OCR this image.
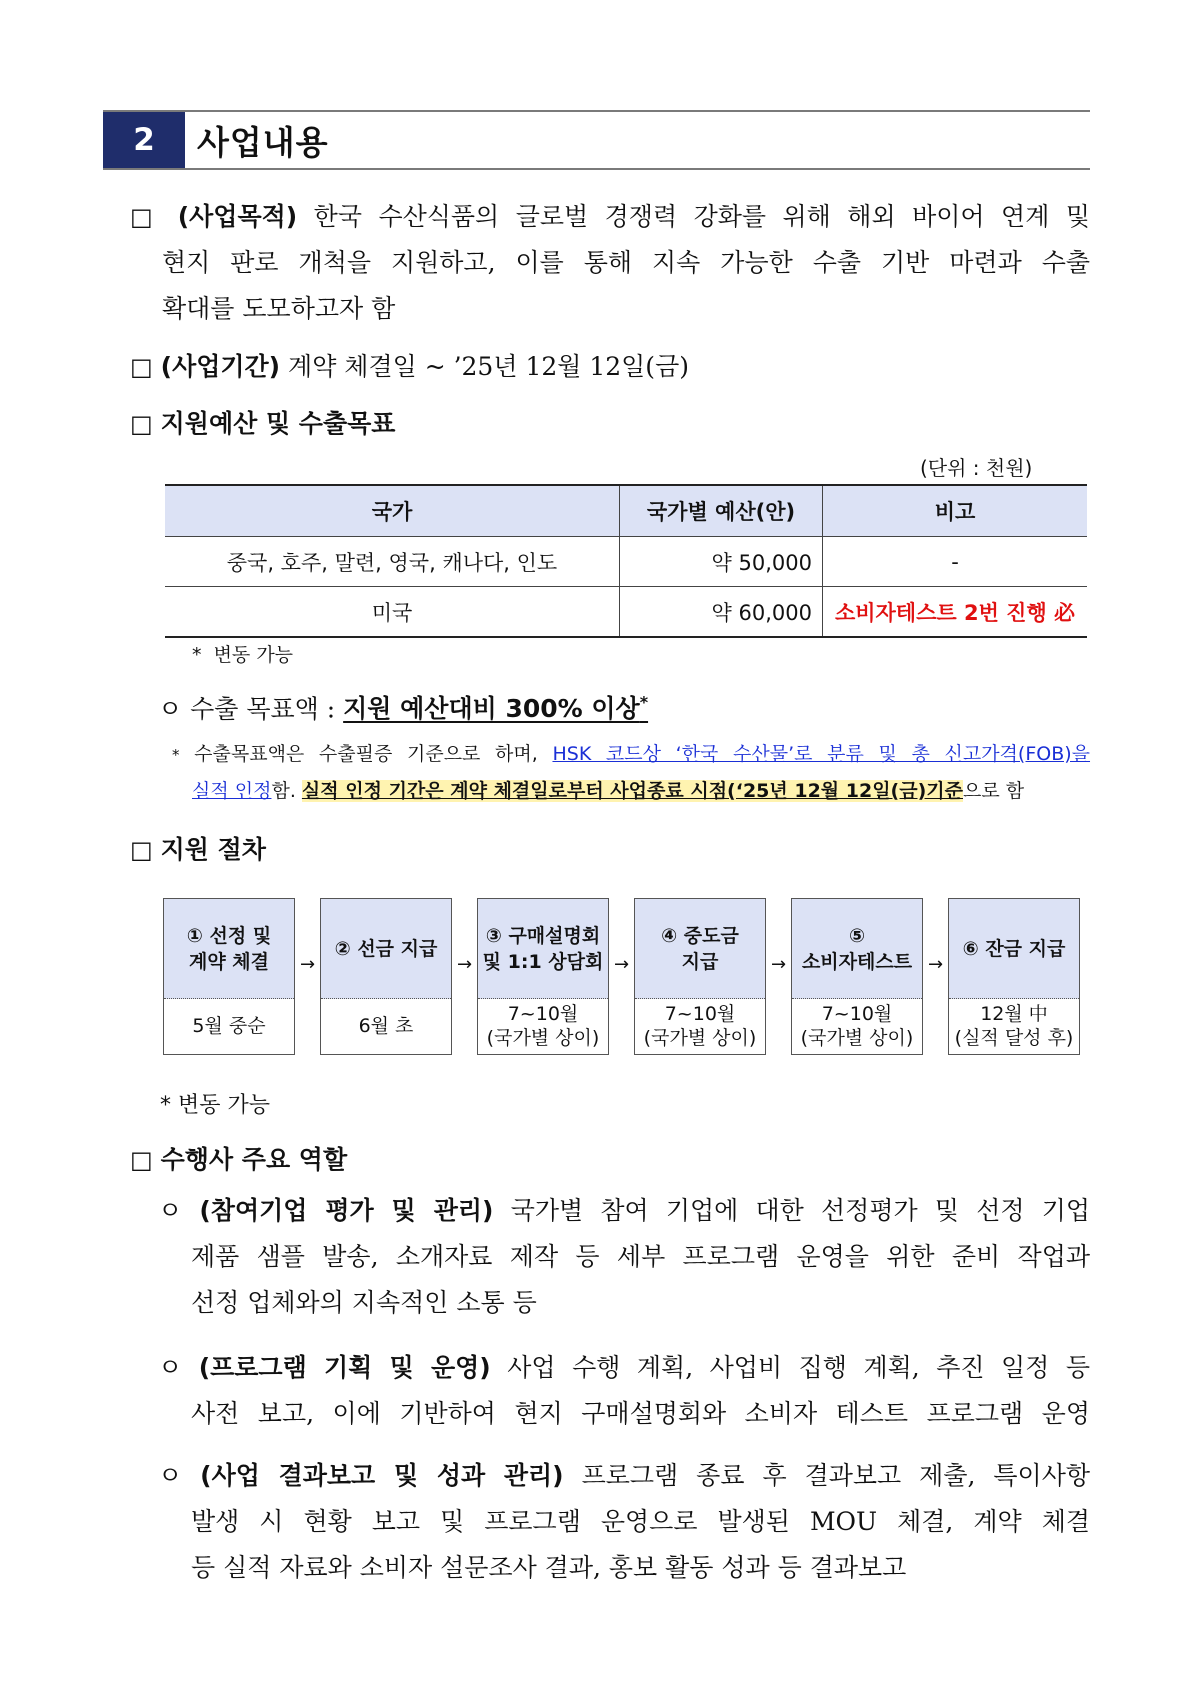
2	사업내용
□ (사업목적) 한국 수산식품의 글로벌 경쟁력 강화를 위해 해외 바이어 연계 및
현지 판로 개척을 지원하고, 이를 통해 지속 가능한 수출 기반 마련과 수출
확대를 도모하고자 함
□ (사업기간) 계약 체결일 ~ ’25년 12월 12일(금)
□ 지원예산 및 수출목표
(단위 : 천원)
국가	국가별 예산(안)	비고
중국, 호주, 말련, 영국, 캐나다, 인도	약 50,000	-
미국	약 60,000	소비자테스트 2번 진행 必
*  변동 가능
ㅇ 수출 목표액 : 지원 예산대비 300% 이상*
* 수출목표액은 수출필증 기준으로 하며, HSK 코드상 ‘한국 수산물’로 분류 및 총 신고가격(FOB)을
실적 인정함. 실적 인정 기간은 계약 체결일로부터 사업종료 시점(‘25년 12월 12일(금)기준으로 함
□ 지원 절차
① 선정 및
계약 체결
5월 중순
→
② 선금 지급
6월 초
→
③ 구매설명회
및 1:1 상담회
7~10월
(국가별 상이)
→
④ 중도금
지급
7~10월
(국가별 상이)
→
⑤
소비자테스트
7~10월
(국가별 상이)
→
⑥ 잔금 지급
12월 中
(실적 달성 후)
* 변동 가능
□ 수행사 주요 역할
ㅇ (참여기업 평가 및 관리) 국가별 참여 기업에 대한 선정평가 및 선정 기업
제품 샘플 발송, 소개자료 제작 등 세부 프로그램 운영을 위한 준비 작업과
선정 업체와의 지속적인 소통 등
ㅇ (프로그램 기획 및 운영) 사업 수행 계획, 사업비 집행 계획, 추진 일정 등
사전 보고, 이에 기반하여 현지 구매설명회와 소비자 테스트 프로그램 운영
ㅇ (사업 결과보고 및 성과 관리) 프로그램 종료 후 결과보고 제출, 특이사항
발생 시 현황 보고 및 프로그램 운영으로 발생된 MOU 체결, 계약 체결
등 실적 자료와 소비자 설문조사 결과, 홍보 활동 성과 등 결과보고
